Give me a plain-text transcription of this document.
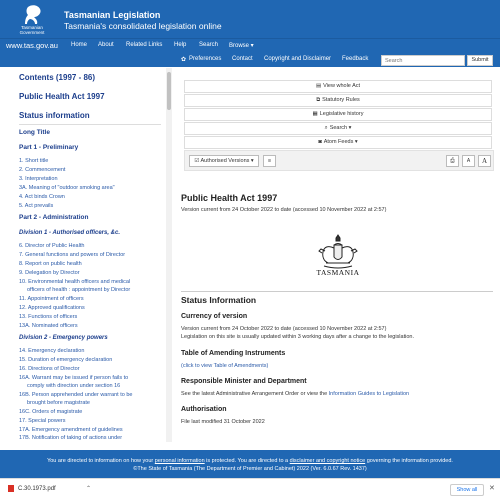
Tasmanian
Government
Tasmanian Legislation
Tasmania's consolidated legislation online
www.tas.gov.au Home About Related Links Help Search Browse ▾
✿ Preferences Contact Copyright and Disclaimer Feedback
Search	Submit
Contents (1997 - 86)
Public Health Act 1997
Status information
Long Title
Part 1 - Preliminary
1. Short title
2. Commencement
3. Interpretation
3A. Meaning of "outdoor smoking area"
4. Act binds Crown
5. Act prevails
Part 2 - Administration
Division 1 - Authorised officers, &c.
6. Director of Public Health
7. General functions and powers of Director
8. Report on public health
9. Delegation by Director
10. Environmental health officers and medical
officers of health : appointment by Director
11. Appointment of officers
12. Approved qualifications
13. Functions of officers
13A. Nominated officers
Division 2 - Emergency powers
14. Emergency declaration
15. Duration of emergency declaration
16. Directions of Director
16A. Warrant may be issued if person fails to
comply with direction under section 16
16B. Person apprehended under warrant to be
brought before magistrate
16C. Orders of magistrate
17. Special powers
17A. Emergency amendment of guidelines
17B. Notification of taking of actions under
▤ View whole Act
⧉ Statutory Rules
▦ Legislative history
⌕ Search ▾
◙ Atom Feeds ▾
☑ Authorised Versions ▾	≡	⎙	A	A
Public Health Act 1997
Version current from 24 October 2022 to date (accessed 10 November 2022 at 2:57)
TASMANIA
Status Information
Currency of version
Version current from 24 October 2022 to date (accessed 10 November 2022 at 2:57)
Legislation on this site is usually updated within 3 working days after a change to the legislation.
Table of Amending Instruments
(click to view Table of Amendments)
Responsible Minister and Department
See the latest Administrative Arrangement Order or view the Information Guides to Legislation
Authorisation
File last modified 31 October 2022
You are directed to information on how your personal information is protected. You are directed to a disclaimer and copyright notice governing the information provided.
©The State of Tasmania (The Department of Premier and Cabinet) 2022 (Ver. 6.0.67 Rev. 1437)
C.30.1973.pdf	⌃	Show all	✕
